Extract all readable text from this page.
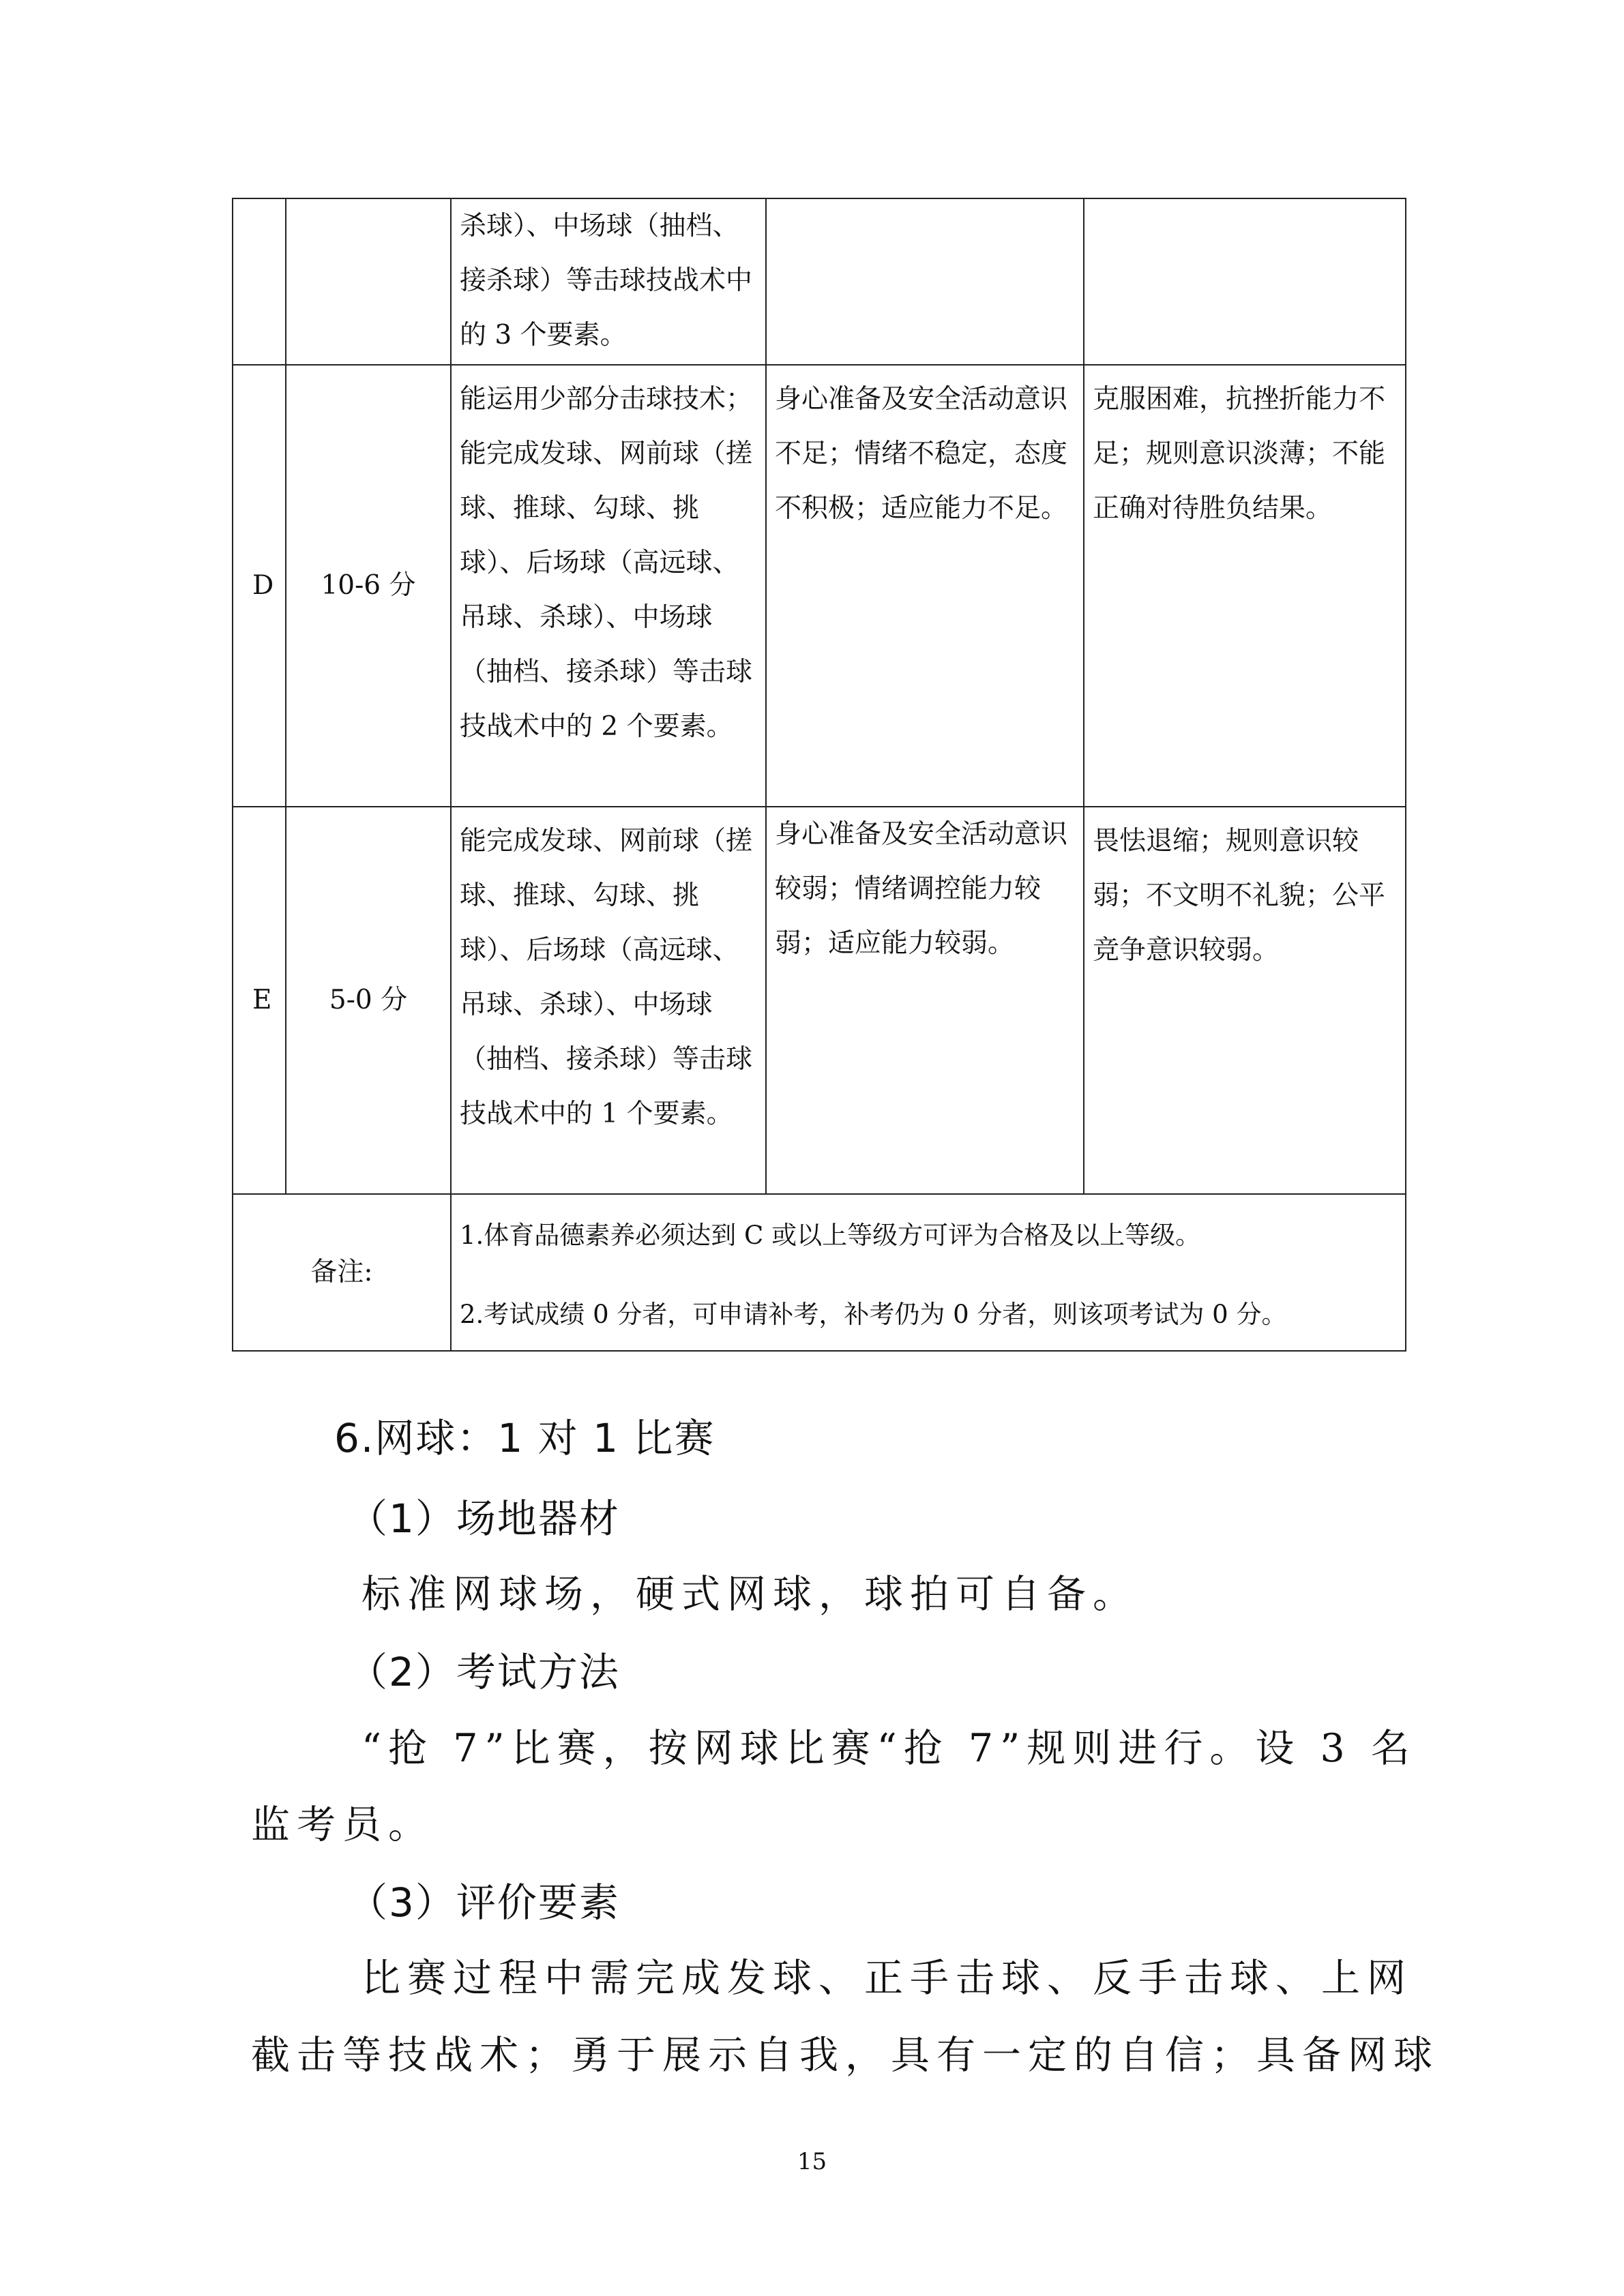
		杀球）、中场球（抽档、接杀球）等击球技战术中的 3 个要素。		

D	10-6 分	能运用少部分击球技术；能完成发球、网前球（搓球、推球、勾球、挑球）、后场球（高远球、吊球、杀球）、中场球（抽档、接杀球）等击球技战术中的 2 个要素。	身心准备及安全活动意识不足；情绪不稳定，态度不积极；适应能力不足。	克服困难，抗挫折能力不足；规则意识淡薄；不能正确对待胜负结果。

E	5-0 分	能完成发球、网前球（搓球、推球、勾球、挑球）、后场球（高远球、吊球、杀球）、中场球（抽档、接杀球）等击球技战术中的 1 个要素。	身心准备及安全活动意识较弱；情绪调控能力较弱；适应能力较弱。	畏怯退缩；规则意识较弱；不文明不礼貌；公平竞争意识较弱。

备注:		1.体育品德素养必须达到 C 或以上等级方可评为合格及以上等级。

2.考试成绩 0 分者，可申请补考，补考仍为 0 分者，则该项考试为 0 分。		

6.网球：1 对 1 比赛

（1）场地器材

标准网球场，硬式网球，球拍可自备。

（2）考试方法

“抢 7”比赛，按网球比赛“抢 7”规则进行。设 3 名

监考员。

（3）评价要素

比赛过程中需完成发球、正手击球、反手击球、上网

截击等技战术；勇于展示自我，具有一定的自信；具备网球

15
